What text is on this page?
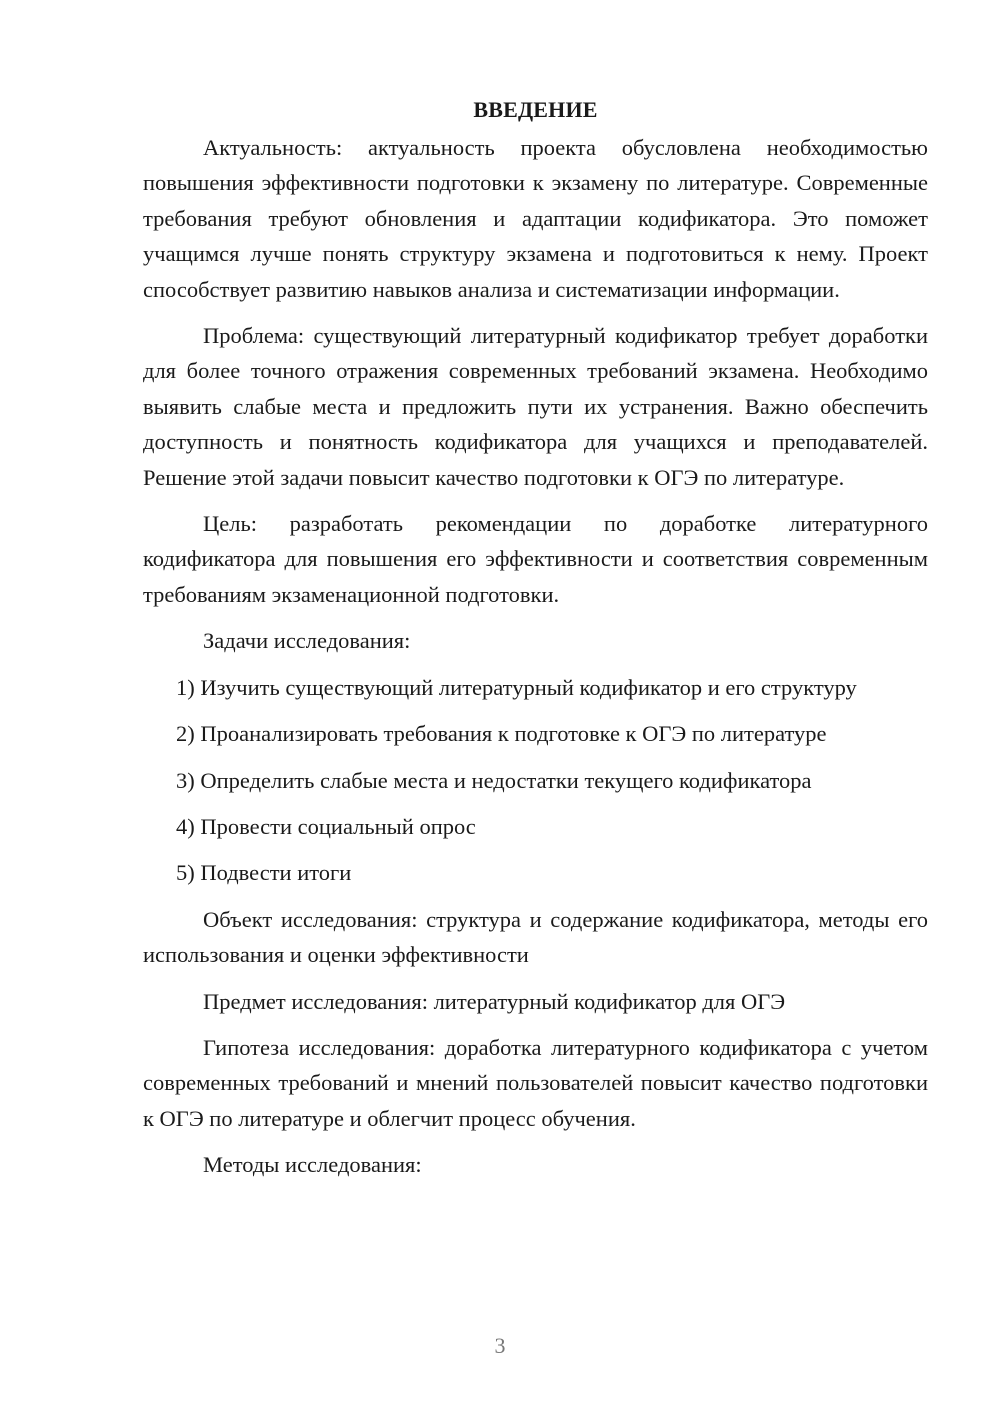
ВВЕДЕНИЕ

Актуальность: актуальность проекта обусловлена необходимостью повышения эффективности подготовки к экзамену по литературе. Современные требования требуют обновления и адаптации кодификатора. Это поможет учащимся лучше понять структуру экзамена и подготовиться к нему. Проект способствует развитию навыков анализа и систематизации информации.

Проблема: существующий литературный кодификатор требует доработки для более точного отражения современных требований экзамена. Необходимо выявить слабые места и предложить пути их устранения. Важно обеспечить доступность и понятность кодификатора для учащихся и преподавателей. Решение этой задачи повысит качество подготовки к ОГЭ по литературе.

Цель: разработать рекомендации по доработке литературного кодификатора для повышения его эффективности и соответствия современным требованиям экзаменационной подготовки.

Задачи исследования:

1) Изучить существующий литературный кодификатор и его структуру

2) Проанализировать требования к подготовке к ОГЭ по литературе

3) Определить слабые места и недостатки текущего кодификатора

4) Провести социальный опрос

5) Подвести итоги

Объект исследования: структура и содержание кодификатора, методы его использования и оценки эффективности

Предмет исследования: литературный кодификатор для ОГЭ

Гипотеза исследования: доработка литературного кодификатора с учетом современных требований и мнений пользователей повысит качество подготовки к ОГЭ по литературе и облегчит процесс обучения.

Методы исследования:

3
